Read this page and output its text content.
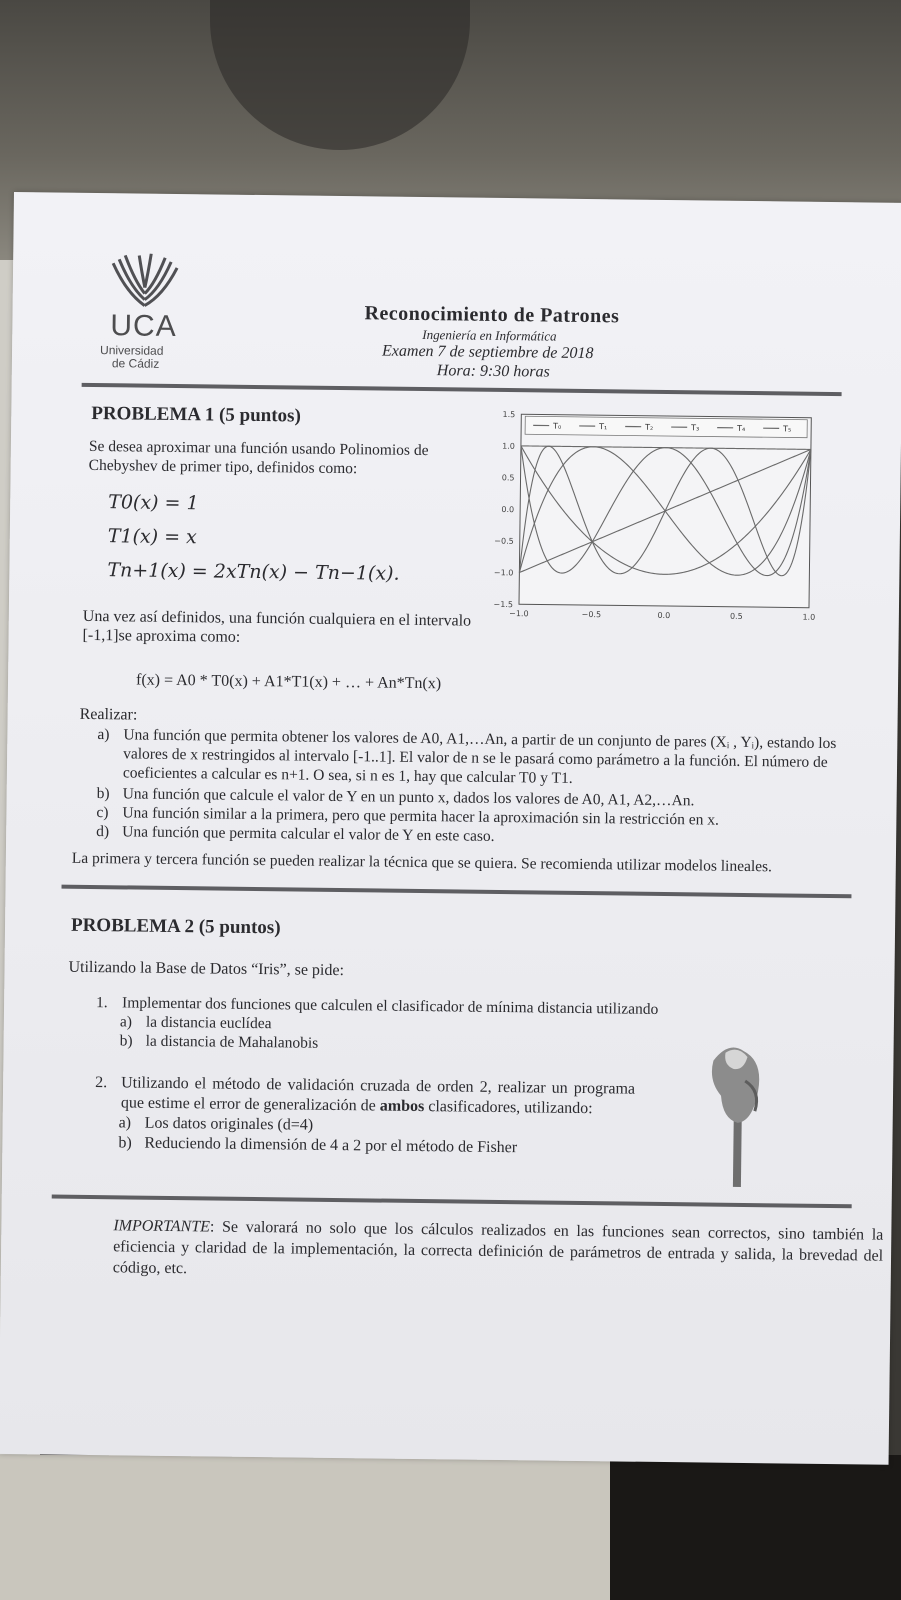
UCA
Universidad
de Cádiz
Reconocimiento de Patrones
Ingeniería en Informática
Examen 7 de septiembre de 2018
Hora: 9:30 horas
PROBLEMA 1 (5 puntos)
Se desea aproximar una función usando Polinomios de Chebyshev de primer tipo, definidos como:
T0(x) = 1
T1(x) = x
Tn+1(x) = 2xTn(x) − Tn−1(x).
Una vez así definidos, una función cualquiera en el intervalo [-1,1]se aproxima como:
f(x) = A0 * T0(x) + A1*T1(x) + … + An*Tn(x)
1.5
1.0
0.5
0.0
−0.5
−1.0
−1.5
−1.0	−0.5	0.0	0.5	1.0
T₀	T₁	T₂	T₃	T₄	T₅
Realizar:
a) Una función que permita obtener los valores de A0, A1,…An, a partir de un conjunto de pares (Xᵢ , Yᵢ), estando los valores de x restringidos al intervalo [-1..1]. El valor de n se le pasará como parámetro a la función. El número de coeficientes a calcular es n+1. O sea, si n es 1, hay que calcular T0 y T1.
b) Una función que calcule el valor de Y en un punto x, dados los valores de A0, A1, A2,…An.
c) Una función similar a la primera, pero que permita hacer la aproximación sin la restricción en x.
d) Una función que permita calcular el valor de Y en este caso.
La primera y tercera función se pueden realizar la técnica que se quiera. Se recomienda utilizar modelos lineales.
PROBLEMA 2 (5 puntos)
Utilizando la Base de Datos “Iris”, se pide:
1. Implementar dos funciones que calculen el clasificador de mínima distancia utilizando
a) la distancia euclídea
b) la distancia de Mahalanobis
2. Utilizando el método de validación cruzada de orden 2, realizar un programa que estime el error de generalización de ambos clasificadores, utilizando:
a) Los datos originales (d=4)
b) Reduciendo la dimensión de 4 a 2 por el método de Fisher
IMPORTANTE: Se valorará no solo que los cálculos realizados en las funciones sean correctos, sino también la eficiencia y claridad de la implementación, la correcta definición de parámetros de entrada y salida, la brevedad del código, etc.
